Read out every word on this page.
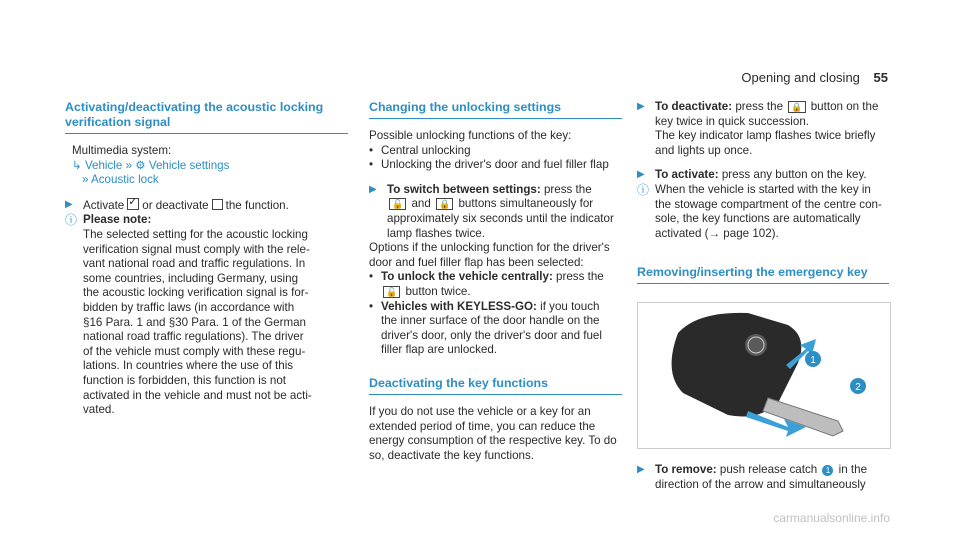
Opening and closing 55
Activating/deactivating the acoustic locking
verification signal
Multimedia system:
↳ Vehicle » ⚙ Vehicle settings
» Acoustic lock
▶ Activate✓ or deactivate the function.
ⓘ Please note:
The selected setting for the acoustic locking
verification signal must comply with the rele-
vant national road and traffic regulations. In
some countries, including Germany, using
the acoustic locking verification signal is for-
bidden by traffic laws (in accordance with
§16 Para. 1 and §30 Para. 1 of the German
national road traffic regulations). The driver
of the vehicle must comply with these regu-
lations. In countries where the use of this
function is forbidden, this function is not
activated in the vehicle and must not be acti-
vated.
Changing the unlocking settings
Possible unlocking functions of the key:
• Central unlocking
• Unlocking the driver's door and fuel filler flap
▶ To switch between settings: press the
🔓 and 🔒 buttons simultaneously for
approximately six seconds until the indicator
lamp flashes twice.
Options if the unlocking function for the driver's
door and fuel filler flap has been selected:
• To unlock the vehicle centrally: press the
🔓 button twice.
• Vehicles with KEYLESS-GO: if you touch
the inner surface of the door handle on the
driver's door, only the driver's door and fuel
filler flap are unlocked.
Deactivating the key functions
If you do not use the vehicle or a key for an
extended period of time, you can reduce the
energy consumption of the respective key. To do
so, deactivate the key functions.
▶ To deactivate: press the 🔒 button on the
key twice in quick succession.
The key indicator lamp flashes twice briefly
and lights up once.
▶ To activate: press any button on the key.
ⓘ When the vehicle is started with the key in
the stowage compartment of the centre con-
sole, the key functions are automatically
activated (→ page 102).
Removing/inserting the emergency key
1
2
▶ To remove: push release catch 1 in the
direction of the arrow and simultaneously
carmanualsonline.info
